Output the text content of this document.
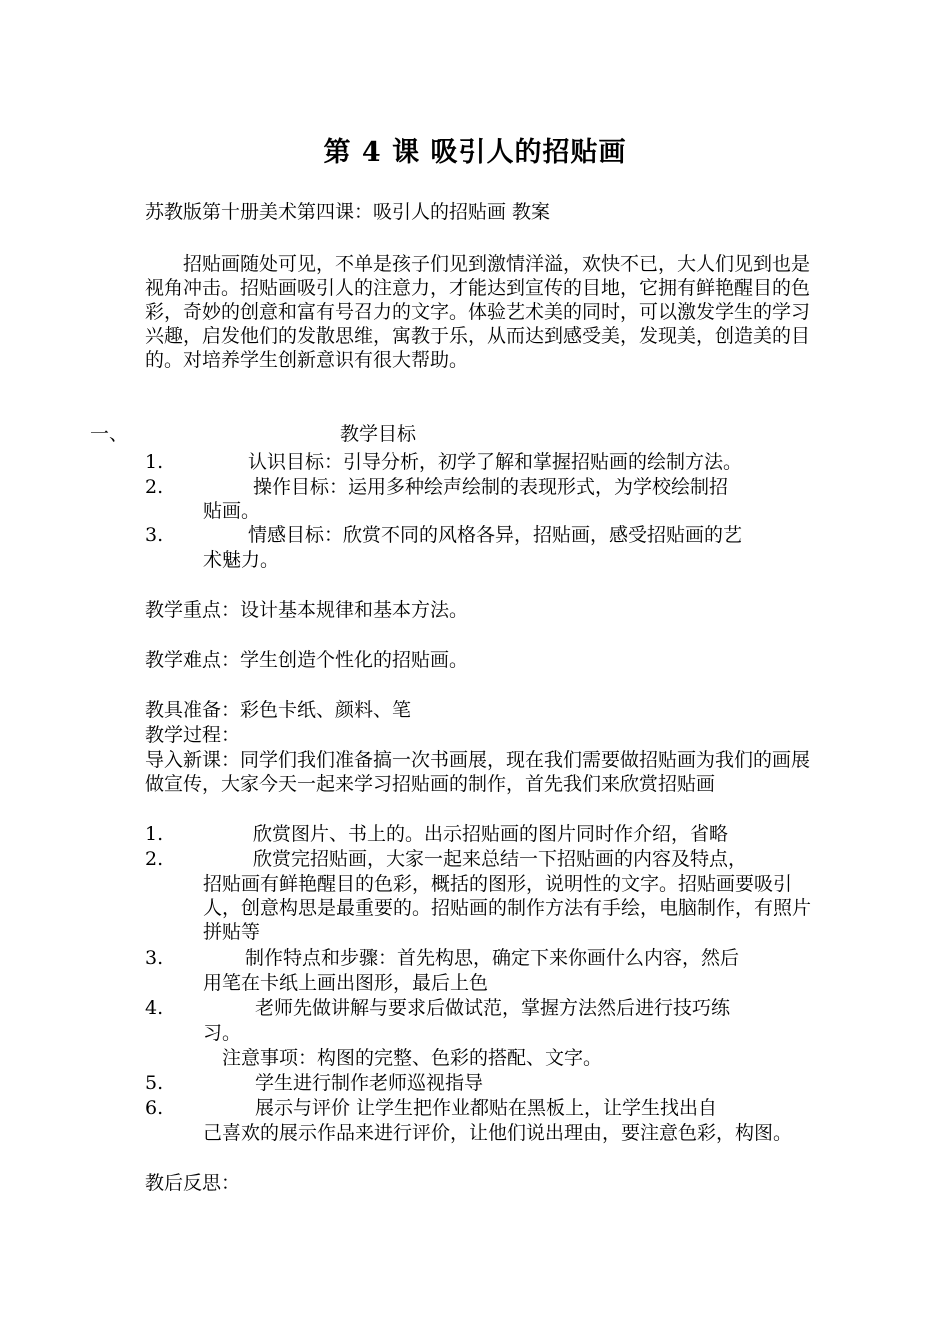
第 4 课 吸引人的招贴画
苏教版第十册美术第四课：吸引人的招贴画 教案
招贴画随处可见，不单是孩子们见到激情洋溢，欢快不已，大人们见到也是视角冲击。招贴画吸引人的注意力，才能达到宣传的目地，它拥有鲜艳醒目的色彩，奇妙的创意和富有号召力的文字。体验艺术美的同时，可以激发学生的学习兴趣，启发他们的发散思维，寓教于乐，从而达到感受美，发现美，创造美的目的。对培养学生创新意识有很大帮助。
一、	教学目标
1.	认识目标：引导分析，初学了解和掌握招贴画的绘制方法。
2.	操作目标：运用多种绘声绘制的表现形式，为学校绘制招
贴画。
3.	情感目标：欣赏不同的风格各异，招贴画，感受招贴画的艺
术魅力。
教学重点：设计基本规律和基本方法。
教学难点：学生创造个性化的招贴画。
教具准备：彩色卡纸、颜料、笔
教学过程：
导入新课：同学们我们准备搞一次书画展，现在我们需要做招贴画为我们的画展做宣传，大家今天一起来学习招贴画的制作，首先我们来欣赏招贴画
1.	欣赏图片、书上的。出示招贴画的图片同时作介绍，省略
2.	欣赏完招贴画，大家一起来总结一下招贴画的内容及特点，
招贴画有鲜艳醒目的色彩，概括的图形，说明性的文字。招贴画要吸引人，创意构思是最重要的。招贴画的制作方法有手绘，电脑制作，有照片拼贴等
3.	制作特点和步骤：首先构思，确定下来你画什么内容，然后
用笔在卡纸上画出图形，最后上色
4.	老师先做讲解与要求后做试范，掌握方法然后进行技巧练
习。
注意事项：构图的完整、色彩的搭配、文字。
5.	学生进行制作老师巡视指导
6.	展示与评价 让学生把作业都贴在黑板上，让学生找出自
己喜欢的展示作品来进行评价，让他们说出理由，要注意色彩，构图。
教后反思：
